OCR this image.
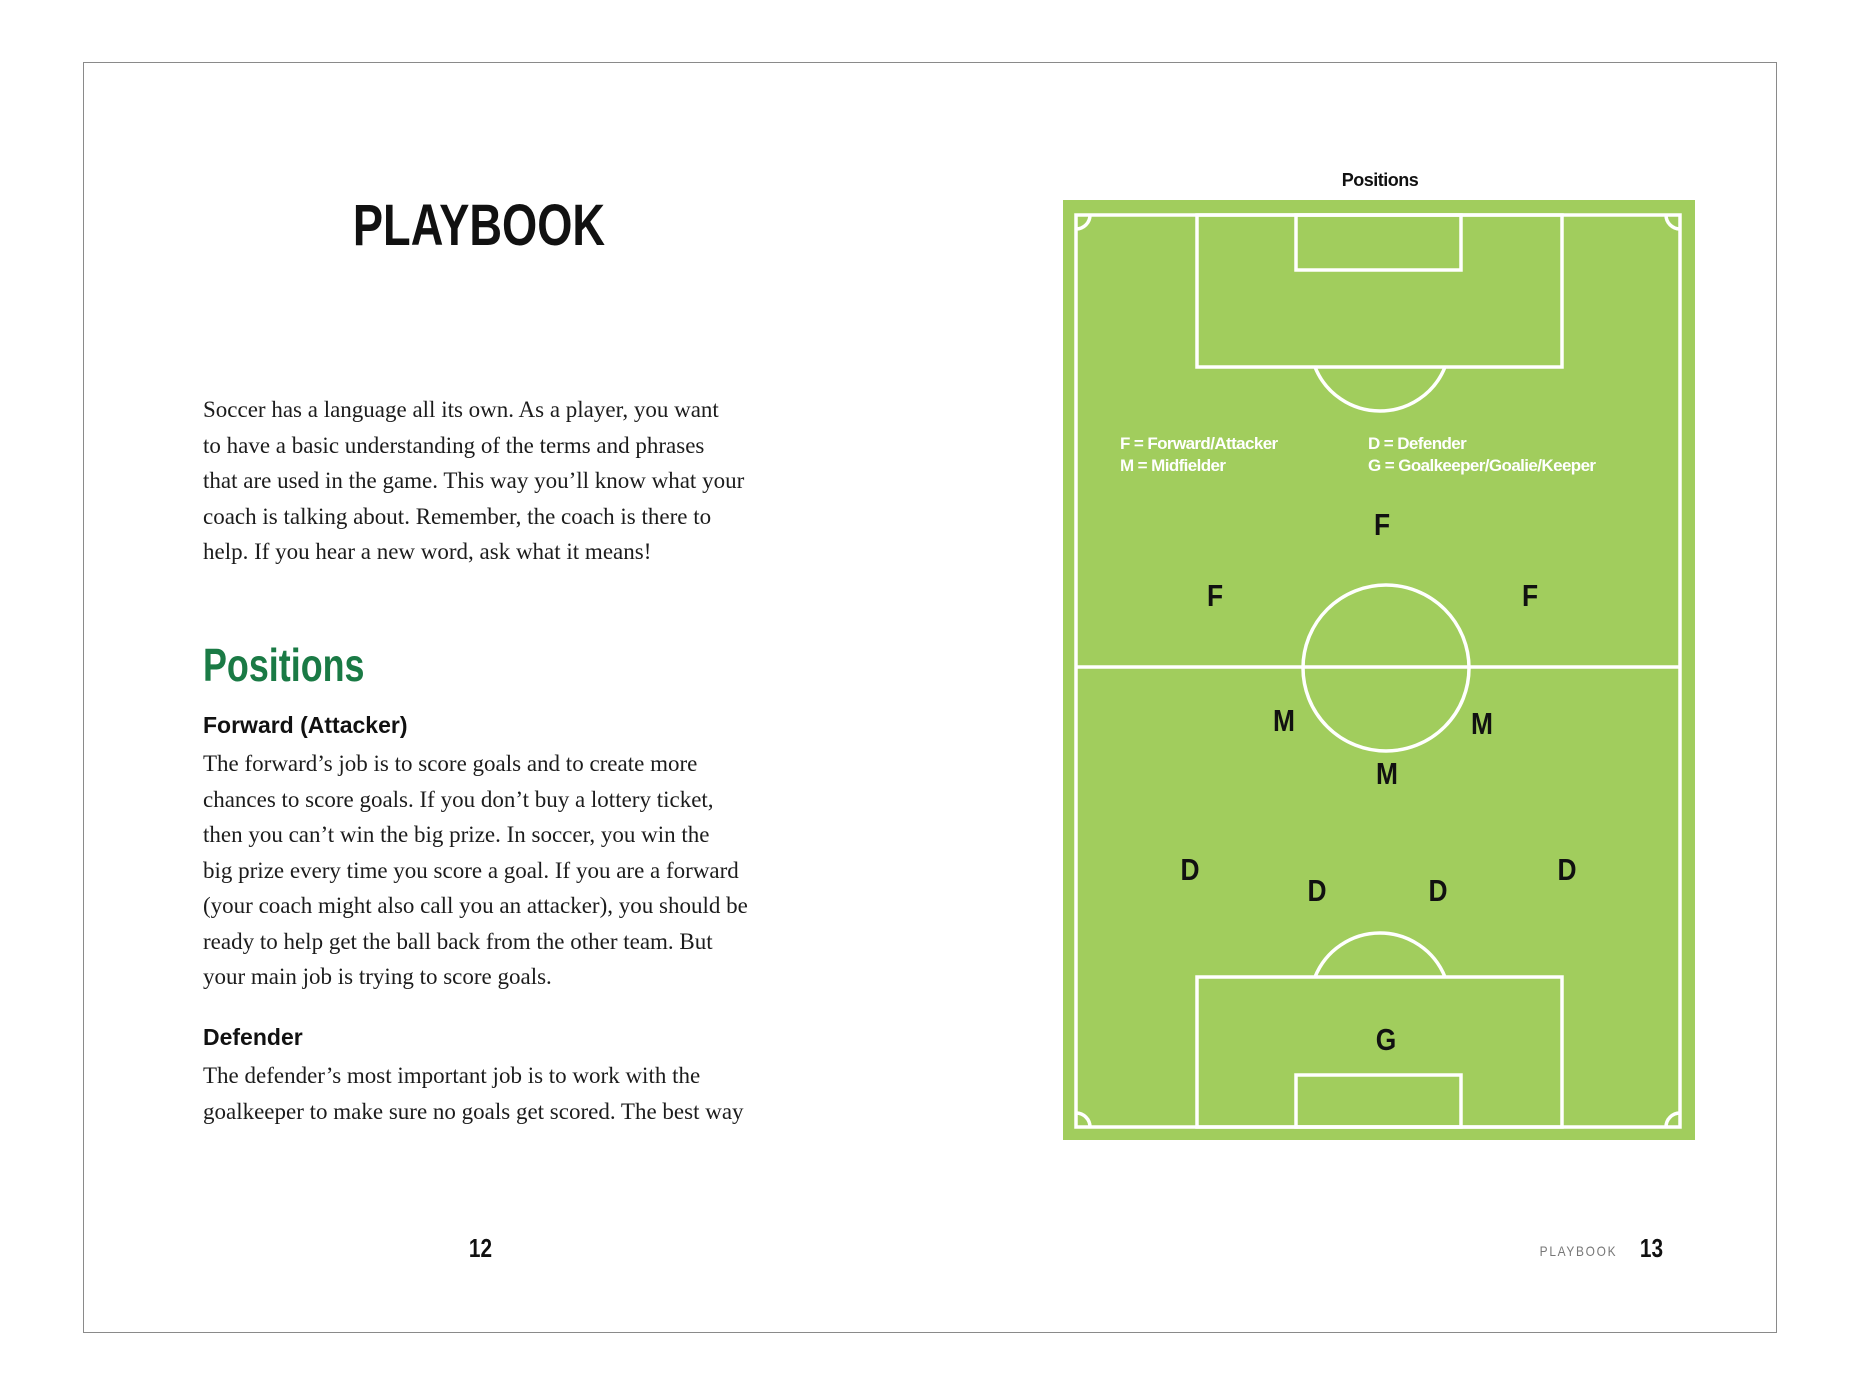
PLAYBOOK
Soccer has a language all its own. As a player, you want
to have a basic understanding of the terms and phrases
that are used in the game. This way you’ll know what your
coach is talking about. Remember, the coach is there to
help. If you hear a new word, ask what it means!
Positions
Forward (Attacker)
The forward’s job is to score goals and to create more
chances to score goals. If you don’t buy a lottery ticket,
then you can’t win the big prize. In soccer, you win the
big prize every time you score a goal. If you are a forward
(your coach might also call you an attacker), you should be
ready to help get the ball back from the other team. But
your main job is trying to score goals.
Defender
The defender’s most important job is to work with the
goalkeeper to make sure no goals get scored. The best way
12
Positions
F = Forward/Attacker
M = Midfielder
D = Defender
G = Goalkeeper/Goalie/Keeper
F
F	F
M	M
M
D
D	D
D
G
PLAYBOOK 13
